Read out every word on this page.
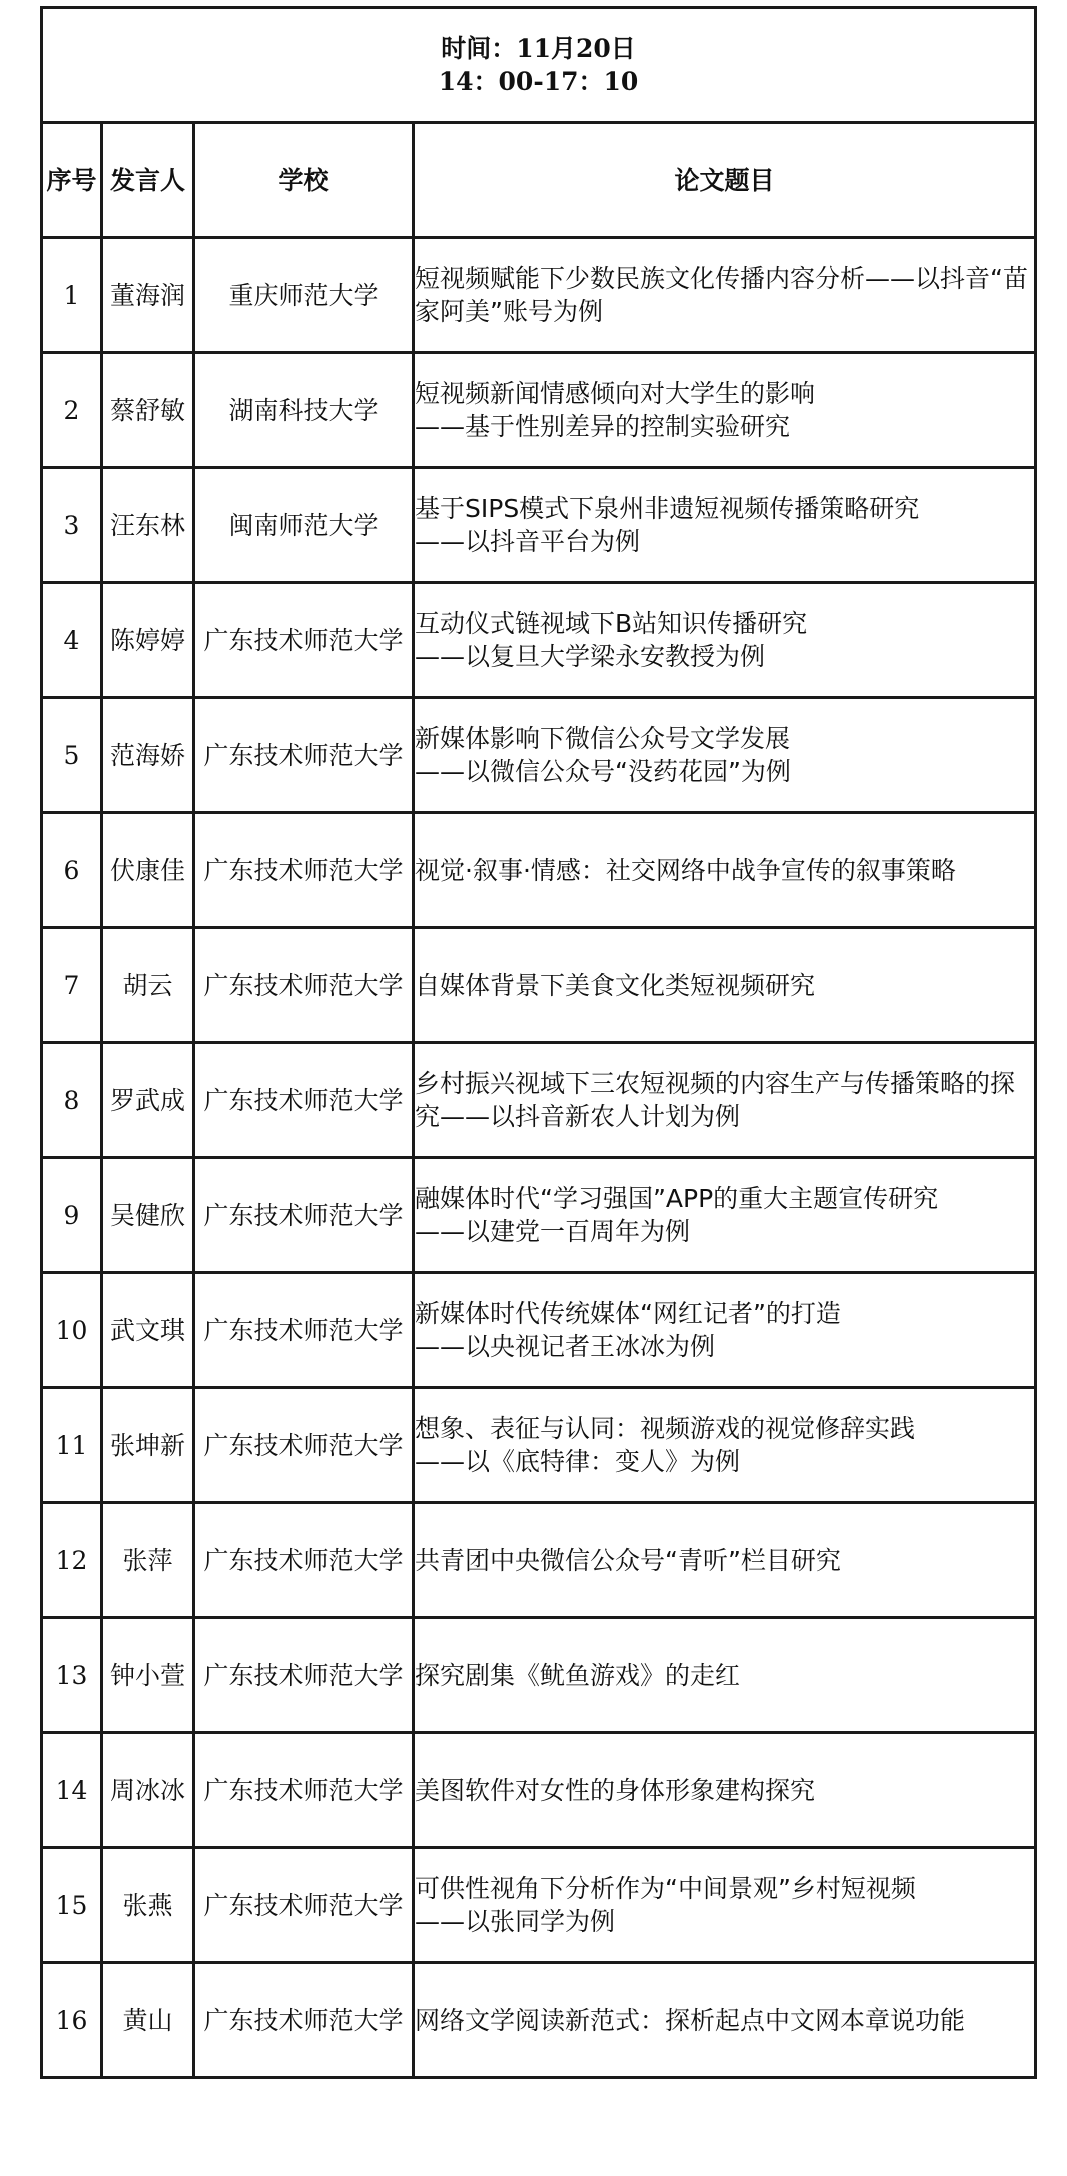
时间：11月20日
14：00-17：10			

序号	发言人	学校	论文题目
1	董海润	重庆师范大学	短视频赋能下少数民族文化传播内容分析——以抖音“苗家阿美”账号为例
2	蔡舒敏	湖南科技大学	短视频新闻情感倾向对大学生的影响
——基于性别差异的控制实验研究
3	汪东林	闽南师范大学	基于SIPS模式下泉州非遗短视频传播策略研究
——以抖音平台为例
4	陈婷婷	广东技术师范大学	互动仪式链视域下B站知识传播研究
——以复旦大学梁永安教授为例
5	范海娇	广东技术师范大学	新媒体影响下微信公众号文学发展
——以微信公众号“没药花园”为例
6	伏康佳	广东技术师范大学	视觉·叙事·情感：社交网络中战争宣传的叙事策略
7	胡云	广东技术师范大学	自媒体背景下美食文化类短视频研究
8	罗武成	广东技术师范大学	乡村振兴视域下三农短视频的内容生产与传播策略的探究——以抖音新农人计划为例
9	吴健欣	广东技术师范大学	融媒体时代“学习强国”APP的重大主题宣传研究
——以建党一百周年为例
10	武文琪	广东技术师范大学	新媒体时代传统媒体“网红记者”的打造
——以央视记者王冰冰为例
11	张坤新	广东技术师范大学	想象、表征与认同：视频游戏的视觉修辞实践
——以《底特律：变人》为例
12	张萍	广东技术师范大学	共青团中央微信公众号“青听”栏目研究
13	钟小萱	广东技术师范大学	探究剧集《鱿鱼游戏》的走红
14	周冰冰	广东技术师范大学	美图软件对女性的身体形象建构探究
15	张燕	广东技术师范大学	可供性视角下分析作为“中间景观”乡村短视频
——以张同学为例
16	黄山	广东技术师范大学	网络文学阅读新范式：探析起点中文网本章说功能
